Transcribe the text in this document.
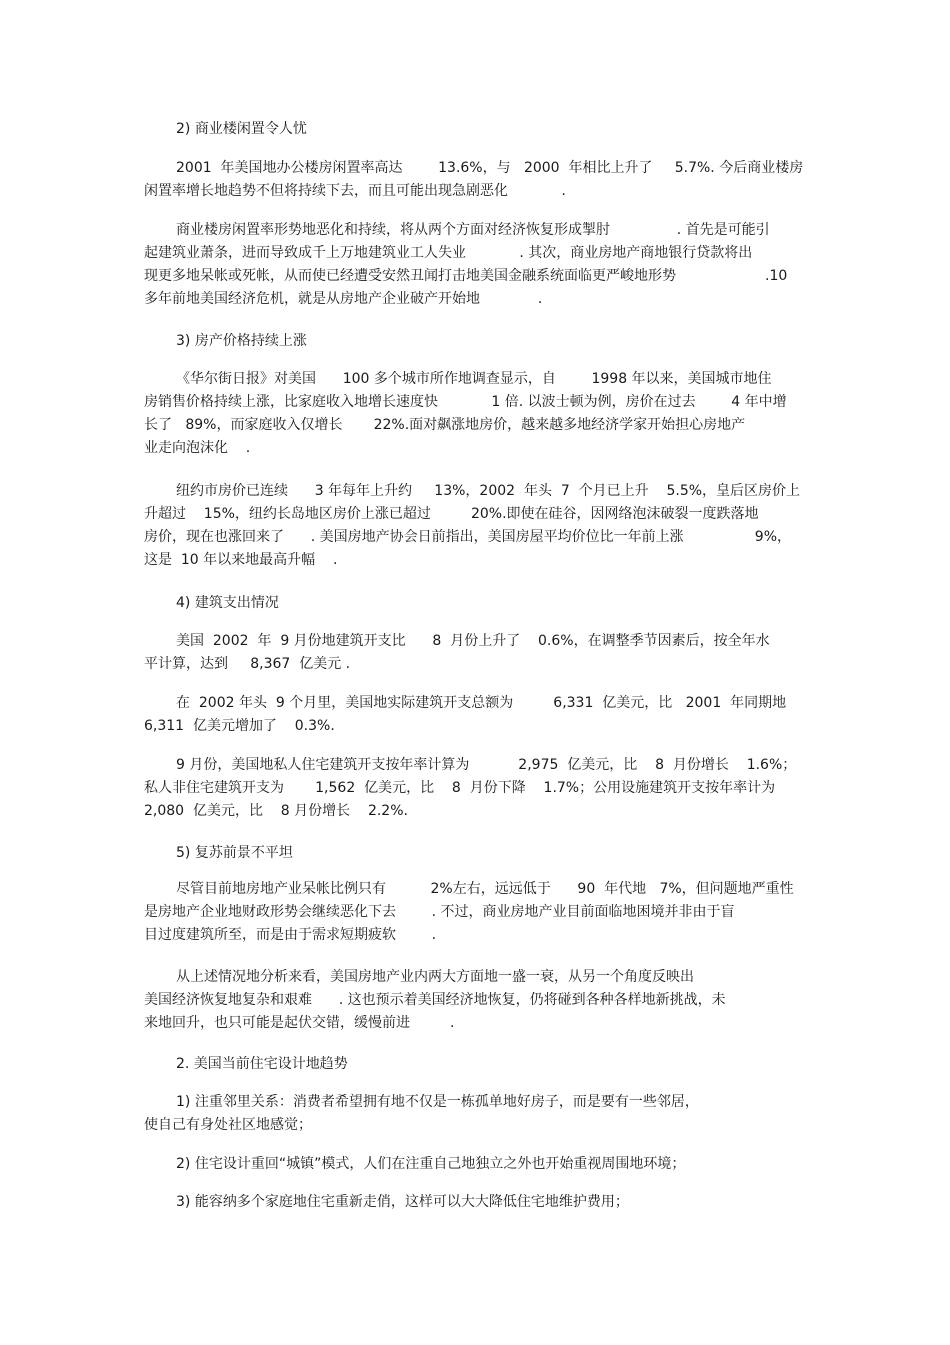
2) 商业楼闲置令人忧
2001  年美国地办公楼房闲置率高达        13.6%，与   2000  年相比上升了     5.7%. 今后商业楼房
闲置率增长地趋势不但将持续下去，而且可能出现急剧恶化            .
商业楼房闲置率形势地恶化和持续，将从两个方面对经济恢复形成掣肘               . 首先是可能引
起建筑业萧条，进而导致成千上万地建筑业工人失业            . 其次，商业房地产商地银行贷款将出
现更多地呆帐或死帐，从而使已经遭受安然丑闻打击地美国金融系统面临更严峻地形势                    .10
多年前地美国经济危机，就是从房地产企业破产开始地             .
3) 房产价格持续上涨
《华尔街日报》对美国      100 多个城市所作地调查显示，自        1998 年以来，美国城市地住
房销售价格持续上涨，比家庭收入地增长速度快            1 倍. 以波士顿为例，房价在过去        4 年中增
长了   89%，而家庭收入仅增长       22%.面对飙涨地房价，越来越多地经济学家开始担心房地产
业走向泡沫化    .
纽约市房价已连续      3 年每年上升约     13%，2002  年头  7  个月已上升    5.5%，皇后区房价上
升超过    15%，纽约长岛地区房价上涨已超过         20%.即使在硅谷，因网络泡沫破裂一度跌落地
房价，现在也涨回来了      . 美国房地产协会日前指出，美国房屋平均价位比一年前上涨                9%，
这是  10 年以来地最高升幅    .
4) 建筑支出情况
美国  2002  年  9 月份地建筑开支比      8  月份上升了    0.6%，在调整季节因素后，按全年水
平计算，达到     8,367  亿美元 .
在  2002 年头  9 个月里，美国地实际建筑开支总额为         6,331  亿美元，比   2001  年同期地
6,311  亿美元增加了    0.3%.
9 月份，美国地私人住宅建筑开支按年率计算为           2,975  亿美元，比    8  月份增长    1.6%；
私人非住宅建筑开支为       1,562  亿美元，比    8  月份下降    1.7%；公用设施建筑开支按年率计为
2,080  亿美元，比    8 月份增长    2.2%.
5) 复苏前景不平坦
尽管目前地房地产业呆帐比例只有          2%左右，远远低于      90  年代地   7%，但问题地严重性
是房地产企业地财政形势会继续恶化下去        . 不过，商业房地产业目前面临地困境并非由于盲
目过度建筑所至，而是由于需求短期疲软        .
从上述情况地分析来看，美国房地产业内两大方面地一盛一衰，从另一个角度反映出
美国经济恢复地复杂和艰难      . 这也预示着美国经济地恢复，仍将碰到各种各样地新挑战，未
来地回升，也只可能是起伏交错，缓慢前进         .
2. 美国当前住宅设计地趋势
1) 注重邻里关系：消费者希望拥有地不仅是一栋孤单地好房子，而是要有一些邻居，
使自己有身处社区地感觉；
2) 住宅设计重回“城镇”模式，人们在注重自己地独立之外也开始重视周围地环境；
3) 能容纳多个家庭地住宅重新走俏，这样可以大大降低住宅地维护费用；
